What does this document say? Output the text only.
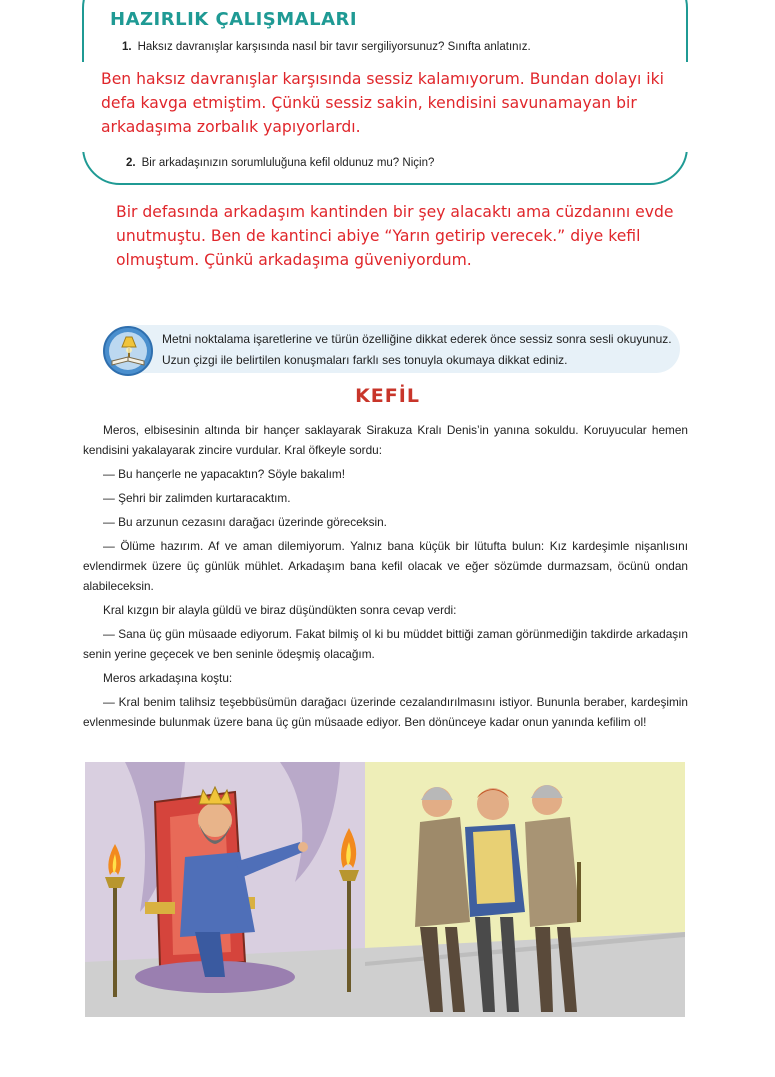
HAZIRLIK ÇALIŞMALARI
1. Haksız davranışlar karşısında nasıl bir tavır sergiliyorsunuz? Sınıfta anlatınız.

Ben haksız davranışlar karşısında sessiz kalamıyorum. Bundan dolayı iki defa kavga etmiştim. Çünkü sessiz sakin, kendisini savunamayan bir arkadaşıma zorbalık yapıyorlardı.

2. Bir arkadaşınızın sorumluluğuna kefil oldunuz mu? Niçin?

Bir defasında arkadaşım kantinden bir şey alacaktı ama cüzdanını evde unutmuştu. Ben de kantinci abiye “Yarın getirip verecek.” diye kefil olmuştum. Çünkü arkadaşıma güveniyordum.

Metni noktalama işaretlerine ve türün özelliğine dikkat ederek önce sessiz sonra sesli okuyunuz. Uzun çizgi ile belirtilen konuşmaları farklı ses tonuyla okumaya dikkat ediniz.

KEFİL

Meros, elbisesinin altında bir hançer saklayarak Sirakuza Kralı Denis’in yanına sokuldu. Koruyucular hemen kendisini yakalayarak zincire vurdular. Kral öfkeyle sordu:

— Bu hançerle ne yapacaktın? Söyle bakalım!

— Şehri bir zalimden kurtaracaktım.

— Bu arzunun cezasını darağacı üzerinde göreceksin.

— Ölüme hazırım. Af ve aman dilemiyorum. Yalnız bana küçük bir lütufta bulun: Kız kardeşimle nişanlısını evlendirmek üzere üç günlük mühlet. Arkadaşım bana kefil olacak ve eğer sözümde durmazsam, öcünü ondan alabileceksin.

Kral kızgın bir alayla güldü ve biraz düşündükten sonra cevap verdi:

— Sana üç gün müsaade ediyorum. Fakat bilmiş ol ki bu müddet bittiği zaman görünmediğin takdirde arkadaşın senin yerine geçecek ve ben seninle ödeşmiş olacağım.

Meros arkadaşına koştu:

— Kral benim talihsiz teşebbüsümün darağacı üzerinde cezalandırılmasını istiyor. Bununla beraber, kardeşimin evlenmesinde bulunmak üzere bana üç gün müsaade ediyor. Ben dönünceye kadar onun yanında kefilim ol!
